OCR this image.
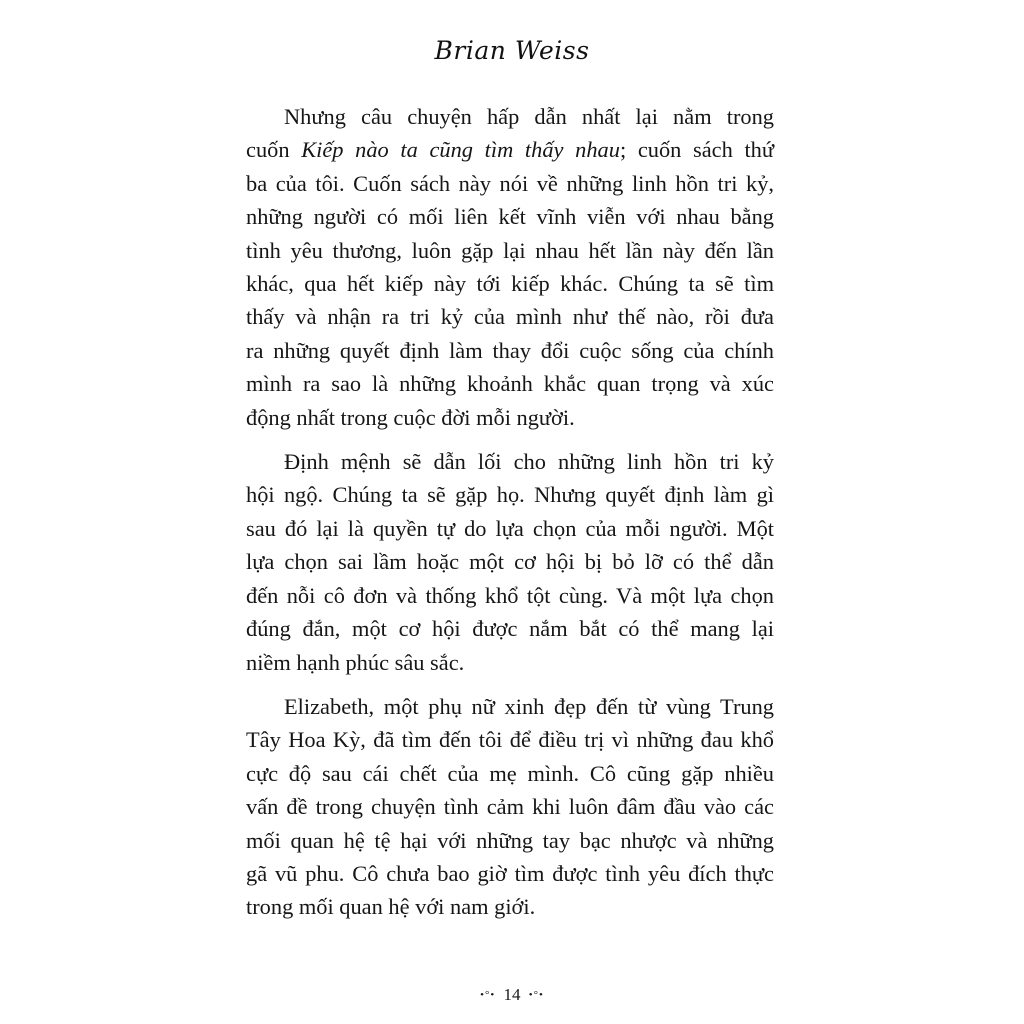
Brian Weiss

Nhưng câu chuyện hấp dẫn nhất lại nằm trong
cuốn Kiếp nào ta cũng tìm thấy nhau; cuốn sách thứ
ba của tôi. Cuốn sách này nói về những linh hồn tri kỷ,
những người có mối liên kết vĩnh viễn với nhau bằng
tình yêu thương, luôn gặp lại nhau hết lần này đến lần
khác, qua hết kiếp này tới kiếp khác. Chúng ta sẽ tìm
thấy và nhận ra tri kỷ của mình như thế nào, rồi đưa
ra những quyết định làm thay đổi cuộc sống của chính
mình ra sao là những khoảnh khắc quan trọng và xúc
động nhất trong cuộc đời mỗi người.

Định mệnh sẽ dẫn lối cho những linh hồn tri kỷ
hội ngộ. Chúng ta sẽ gặp họ. Nhưng quyết định làm gì
sau đó lại là quyền tự do lựa chọn của mỗi người. Một
lựa chọn sai lầm hoặc một cơ hội bị bỏ lỡ có thể dẫn
đến nỗi cô đơn và thống khổ tột cùng. Và một lựa chọn
đúng đắn, một cơ hội được nắm bắt có thể mang lại
niềm hạnh phúc sâu sắc.

Elizabeth, một phụ nữ xinh đẹp đến từ vùng Trung
Tây Hoa Kỳ, đã tìm đến tôi để điều trị vì những đau khổ
cực độ sau cái chết của mẹ mình. Cô cũng gặp nhiều
vấn đề trong chuyện tình cảm khi luôn đâm đầu vào các
mối quan hệ tệ hại với những tay bạc nhược và những
gã vũ phu. Cô chưa bao giờ tìm được tình yêu đích thực
trong mối quan hệ với nam giới.

•°• 14 •°•
